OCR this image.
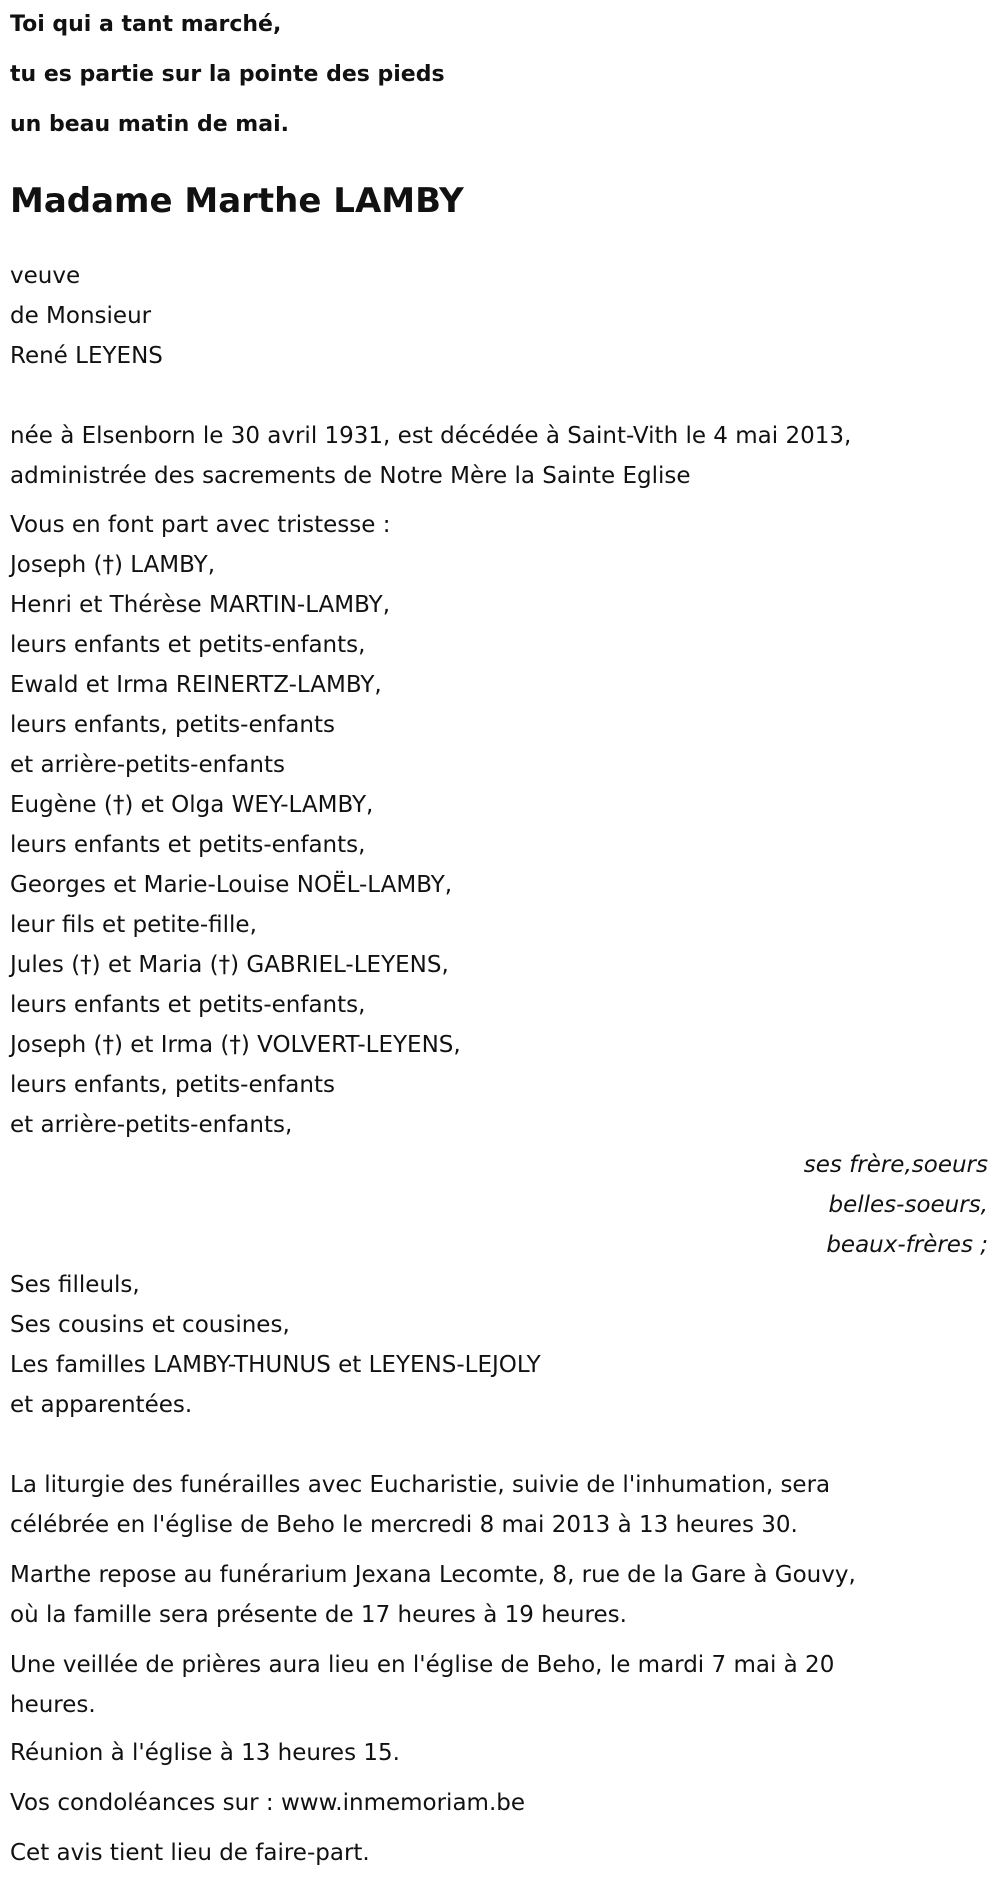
Toi qui a tant marché,
tu es partie sur la pointe des pieds
un beau matin de mai.
Madame Marthe LAMBY
veuve
de Monsieur
René LEYENS
née à Elsenborn le 30 avril 1931, est décédée à Saint-Vith le 4 mai 2013,
administrée des sacrements de Notre Mère la Sainte Eglise
Vous en font part avec tristesse :
Joseph (†) LAMBY,
Henri et Thérèse MARTIN-LAMBY,
leurs enfants et petits-enfants,
Ewald et Irma REINERTZ-LAMBY,
leurs enfants, petits-enfants
et arrière-petits-enfants
Eugène (†) et Olga WEY-LAMBY,
leurs enfants et petits-enfants,
Georges et Marie-Louise NOËL-LAMBY,
leur fils et petite-fille,
Jules (†) et Maria (†) GABRIEL-LEYENS,
leurs enfants et petits-enfants,
Joseph (†) et Irma (†) VOLVERT-LEYENS,
leurs enfants, petits-enfants
et arrière-petits-enfants,
ses frère,soeurs
belles-soeurs,
beaux-frères ;
Ses filleuls,
Ses cousins et cousines,
Les familles LAMBY-THUNUS et LEYENS-LEJOLY
et apparentées.
La liturgie des funérailles avec Eucharistie, suivie de l'inhumation, sera
célébrée en l'église de Beho le mercredi 8 mai 2013 à 13 heures 30.
Marthe repose au funérarium Jexana Lecomte, 8, rue de la Gare à Gouvy,
où la famille sera présente de 17 heures à 19 heures.
Une veillée de prières aura lieu en l'église de Beho, le mardi 7 mai à 20
heures.
Réunion à l'église à 13 heures 15.
Vos condoléances sur : www.inmemoriam.be
Cet avis tient lieu de faire-part.
